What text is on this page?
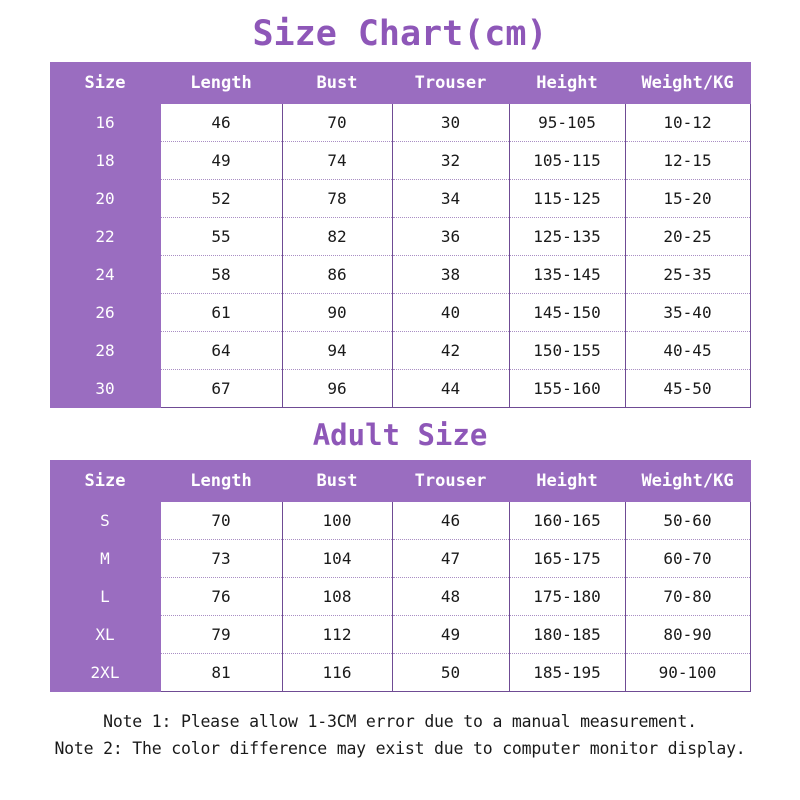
Size Chart(cm)
Size	Length	Bust	Trouser	Height	Weight/KG
16	46	70	30	95-105	10-12
18	49	74	32	105-115	12-15
20	52	78	34	115-125	15-20
22	55	82	36	125-135	20-25
24	58	86	38	135-145	25-35
26	61	90	40	145-150	35-40
28	64	94	42	150-155	40-45
30	67	96	44	155-160	45-50
Adult Size
Size	Length	Bust	Trouser	Height	Weight/KG
S	70	100	46	160-165	50-60
M	73	104	47	165-175	60-70
L	76	108	48	175-180	70-80
XL	79	112	49	180-185	80-90
2XL	81	116	50	185-195	90-100

Note 1: Please allow 1-3CM error due to a manual measurement.

Note 2: The color difference may exist due to computer monitor display.
